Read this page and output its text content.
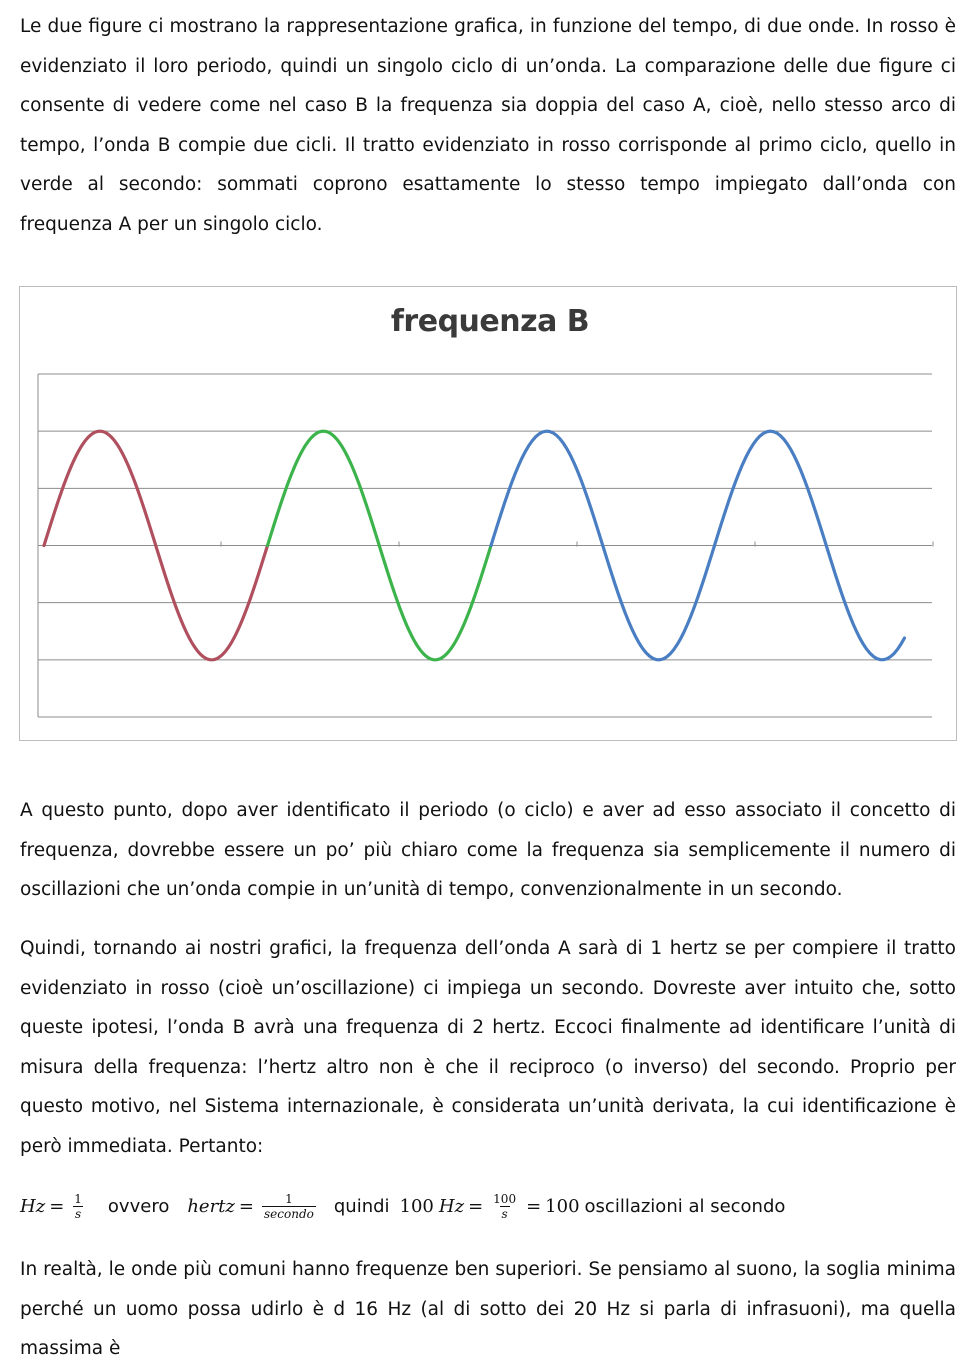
Le due figure ci mostrano la rappresentazione grafica, in funzione del tempo, di due onde. In rosso è evidenziato il loro periodo, quindi un singolo ciclo di un’onda. La comparazione delle due figure ci consente di vedere come nel caso B la frequenza sia doppia del caso A, cioè, nello stesso arco di tempo, l’onda B compie due cicli. Il tratto evidenziato in rosso corrisponde al primo ciclo, quello in verde al secondo: sommati coprono esattamente lo stesso tempo impiegato dall’onda con frequenza A per un singolo ciclo.

frequenza B

A questo punto, dopo aver identificato il periodo (o ciclo) e aver ad esso associato il concetto di frequenza, dovrebbe essere un po’ più chiaro come la frequenza sia semplicemente il numero di oscillazioni che un’onda compie in un’unità di tempo, convenzionalmente in un secondo.

Quindi, tornando ai nostri grafici, la frequenza dell’onda A sarà di 1 hertz se per compiere il tratto evidenziato in rosso (cioè un’oscillazione) ci impiega un secondo. Dovreste aver intuito che, sotto queste ipotesi, l’onda B avrà una frequenza di 2 hertz. Eccoci finalmente ad identificare l’unità di misura della frequenza: l’hertz altro non è che il reciproco (o inverso) del secondo. Proprio per questo motivo, nel Sistema internazionale, è considerata un’unità derivata, la cui identificazione è però immediata. Pertanto:

$Hz = \frac{1}{s}$ ovvero hertz = $\frac{1}{\text{secondo}}$ quindi 100 $Hz = \frac{100}{s} = 100$ oscillazioni al secondo

In realtà, le onde più comuni hanno frequenze ben superiori. Se pensiamo al suono, la soglia minima perché un uomo possa udirlo è d 16 Hz (al di sotto dei 20 Hz si parla di infrasuoni), ma quella massima è
